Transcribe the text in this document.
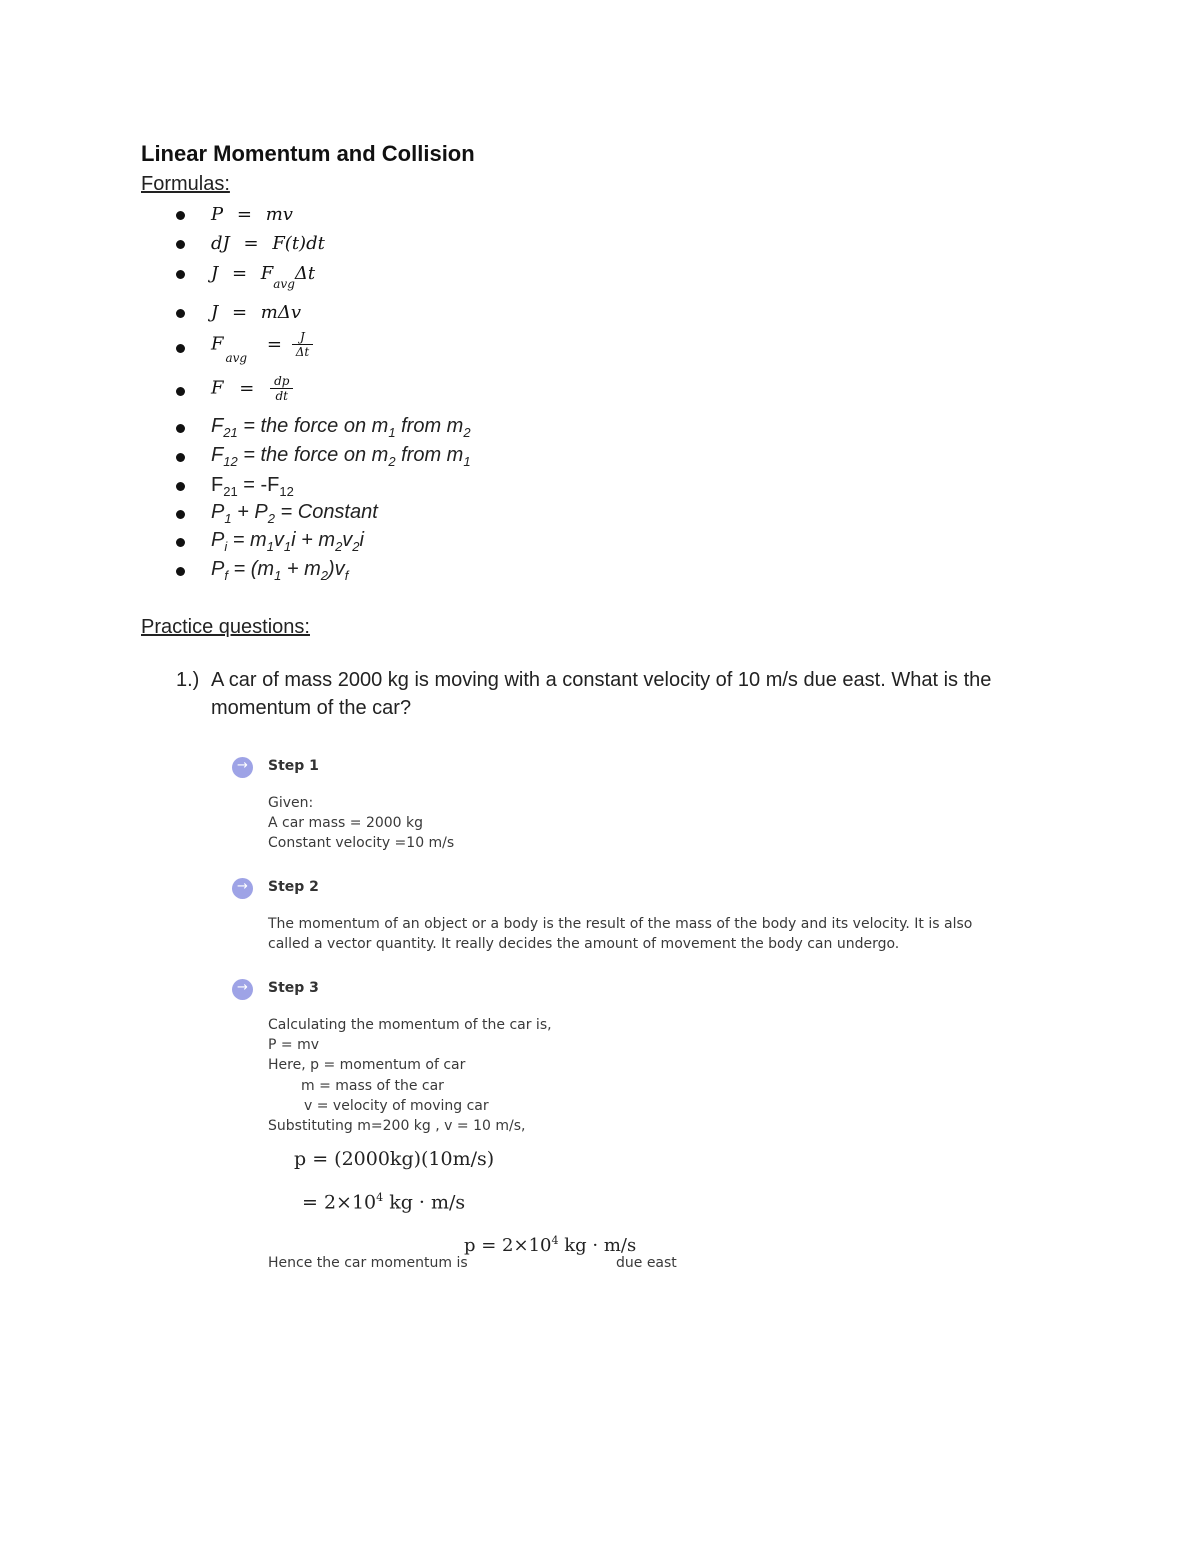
Linear Momentum and Collision
Formulas:
P = mv
dJ = F(t)dt
$J = F_{avg}\Delta t$
J = mΔv
$F_{avg} = \frac{J}{\Delta t}$
$F = \frac{dp}{dt}$
$F_{21}$ = the force on $m_1$ from $m_2$
$F_{12}$ = the force on $m_2$ from $m_1$
$F_{21} = -F_{12}$
$P_1 + P_2$ = Constant
$P_i = m_1v_1i + m_2v_2i$
$P_f = (m_1 + m_2)v_f$
Practice questions:
1.) A car of mass 2000 kg is moving with a constant velocity of 10 m/s due east. What is the
momentum of the car?
→
Step 1
Given:
A car mass = 2000 kg
Constant velocity =10 m/s
→
Step 2
The momentum of an object or a body is the result of the mass of the body and its velocity. It is also
called a vector quantity. It really decides the amount of movement the body can undergo.
→
Step 3
Calculating the momentum of the car is,
P = mv
Here, p = momentum of car
m = mass of the car
v = velocity of moving car
Substituting m=200 kg , v = 10 m/s,
p = (2000kg)(10m/s)
= $2\times 10^4$ kg · m/s
$p = 2\times 10^4$ kg · m/s
Hence the car momentum is	due east
